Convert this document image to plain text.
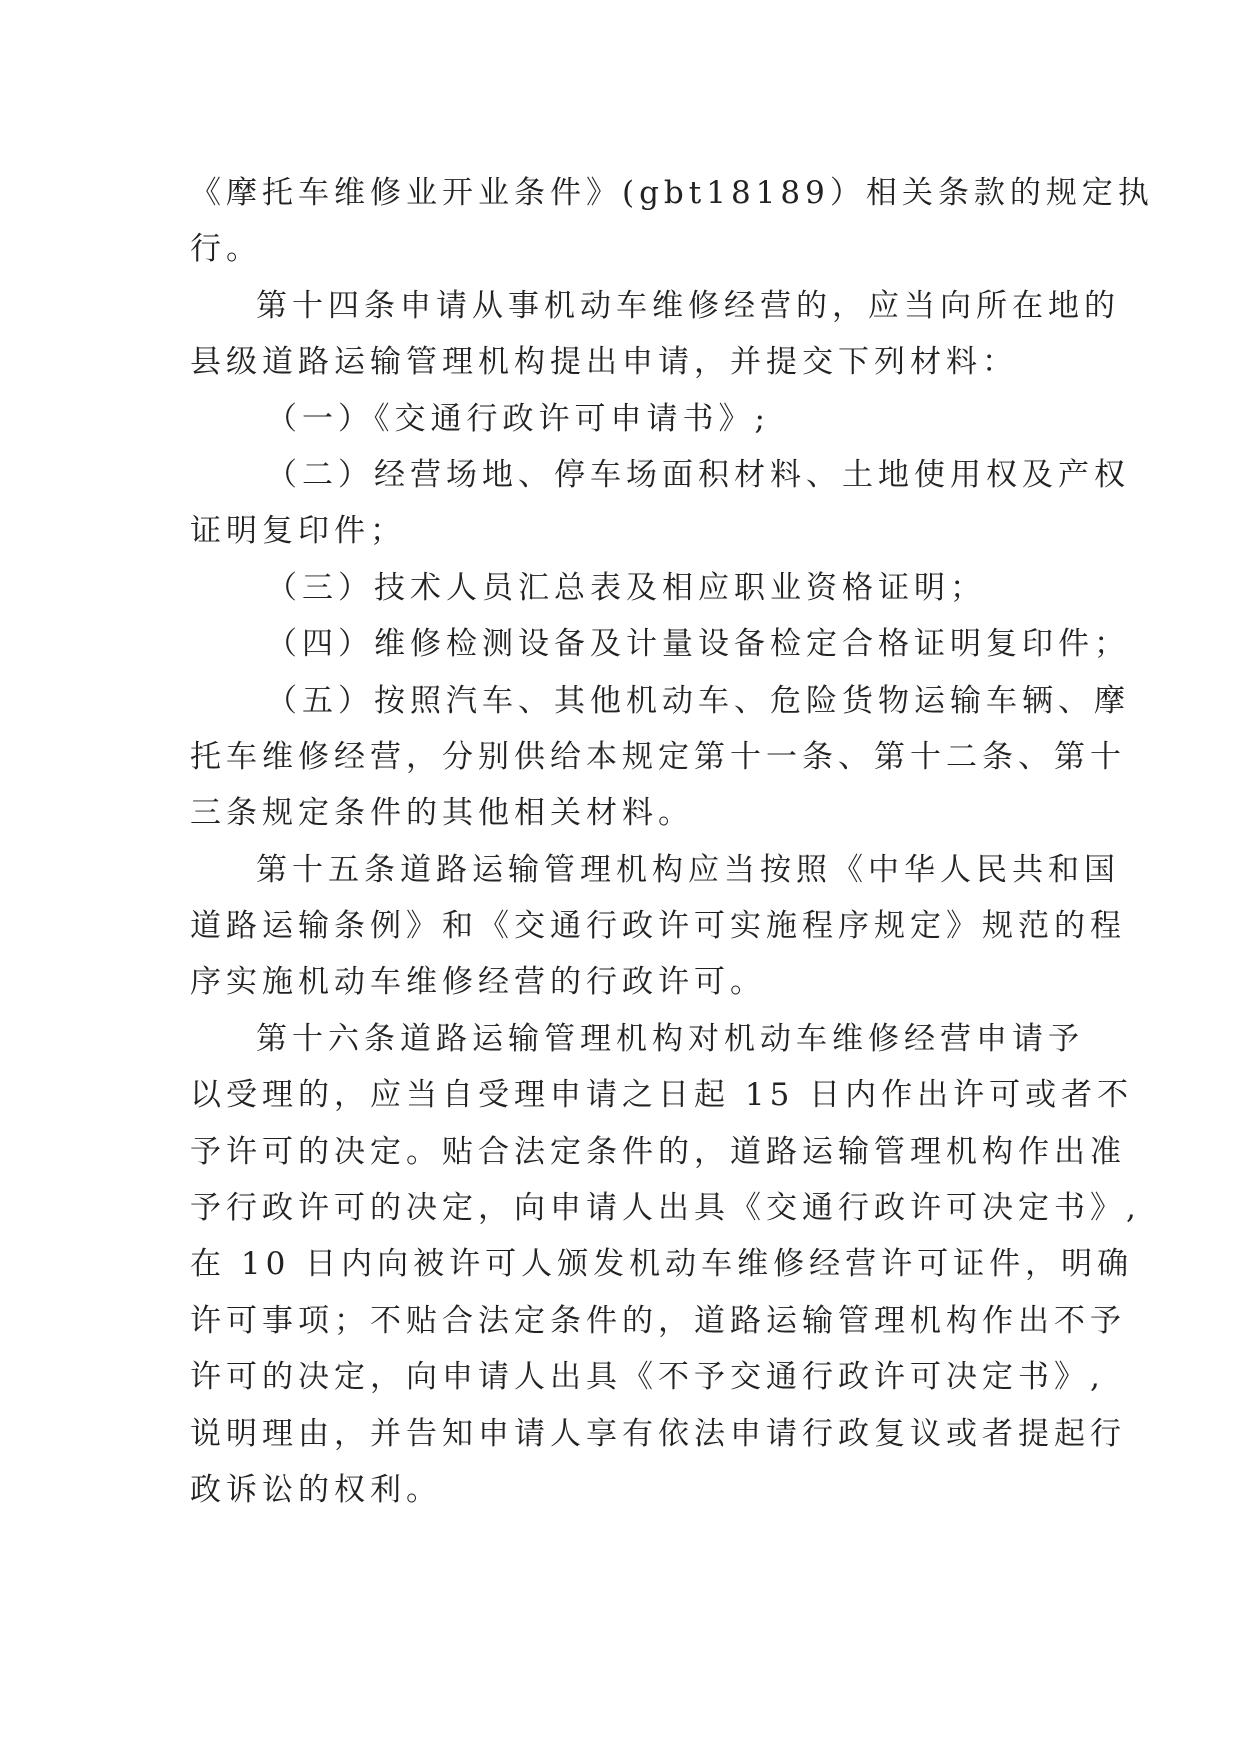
《摩托车维修业开业条件》(gbt18189）相关条款的规定执
行。
第十四条申请从事机动车维修经营的，应当向所在地的
县级道路运输管理机构提出申请，并提交下列材料：
（一）《交通行政许可申请书》;
（二）经营场地、停车场面积材料、土地使用权及产权
证明复印件；
（三）技术人员汇总表及相应职业资格证明；
（四）维修检测设备及计量设备检定合格证明复印件；
（五）按照汽车、其他机动车、危险货物运输车辆、摩
托车维修经营，分别供给本规定第十一条、第十二条、第十
三条规定条件的其他相关材料。
第十五条道路运输管理机构应当按照《中华人民共和国
道路运输条例》和《交通行政许可实施程序规定》规范的程
序实施机动车维修经营的行政许可。
第十六条道路运输管理机构对机动车维修经营申请予
以受理的，应当自受理申请之日起 15 日内作出许可或者不
予许可的决定。贴合法定条件的，道路运输管理机构作出准
予行政许可的决定，向申请人出具《交通行政许可决定书》,
在 10 日内向被许可人颁发机动车维修经营许可证件，明确
许可事项；不贴合法定条件的，道路运输管理机构作出不予
许可的决定，向申请人出具《不予交通行政许可决定书》,
说明理由，并告知申请人享有依法申请行政复议或者提起行
政诉讼的权利。
